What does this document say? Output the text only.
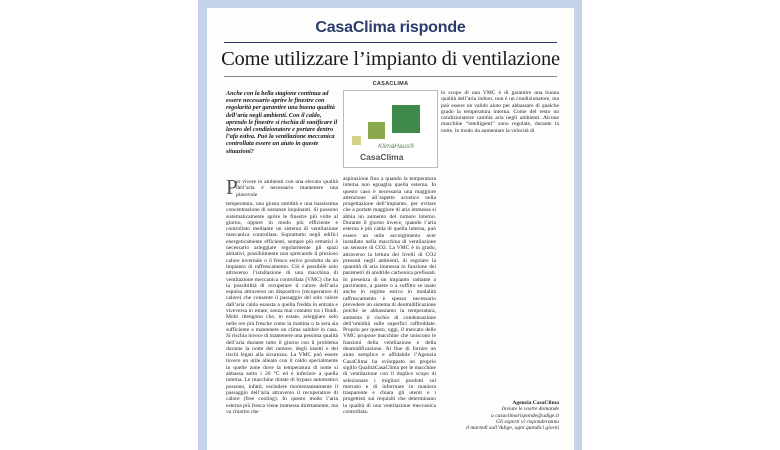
CasaClima risponde
Come utilizzare l’impianto di ventilazione
CASACLIMA

Anche con la bella stagione continua ad essere necessario aprire le finestre con regolarità per garantire una buona qualità dell’aria negli ambienti. Con il caldo, aprendo le finestre si rischia di vanificare il lavoro del condizionatore e portare dentro l’afa estiva. Può la ventilazione meccanica controllata essere un aiuto in queste situazioni?

KlimaHaus®
CasaClima
P

er vivere in ambienti con una elevata qualità dell’aria è necessario mantenere una piacevole

temperatura, una giusta umidità e una bassissima concentrazione di sostanze inquinanti. Si possono sistematicamente aprire le finestre più volte al giorno, oppure in modo più efficiente e controllato mediante un sistema di ventilazione meccanica controllata. Soprattutto negli edifici energeticamente efficienti, sempre più ermetici è necessario arieggiare regolarmente gli spazi abitativi, possibilmente non sprecando il prezioso calore invernale o il fresco estivo prodotto da un impianto di raffrescamento. Ciò è possibile solo attraverso l’istallazione di una macchina di ventilazione meccanica controllata (VMC) che ha la possibilità di recuperare il calore dell’aria espulsa attraverso un dispositivo (recuperatore di calore) che consente il passaggio del solo calore dall’aria calda esausta a quella fredda in entrata e viceversa in estate, senza mai contatto tra i fluidi. Molti ritengono che, in estate, arieggiare solo nelle ore più fresche come la mattina o la sera sia sufficiente a mantenere un clima salubre in casa. Si rischia invece di mantenere una pessima qualità dell’aria durante tutto il giorno con il problema durante la notte del rumore, degli insetti e dei rischi legati alla sicurezza. La VMC può essere invece un utile alleato con il caldo specialmente in quelle zone dove la temperatura di notte si abbassa sotto i 20 °C ed è inferiore a quella interna. Le macchine dotate di bypass automatico possono, infatti, escludere momentaneamente il passaggio dell’aria attraverso il recuperatore di calore (free cooling). In questo modo l’aria esterna più fresca viene immessa direttamente, ma va chiarito che

aspirazione fino a quando la temperatura interna non eguaglia quella esterna. In questo caso è necessaria una maggiore attenzione all’aspetto acustico nella progettazione dell’impianto, per evitare che a portate maggiore di aria immessa si abbia un aumento del rumore interno. Durante il giorno invece, quando l’aria esterna è più calda di quella interna, può essere un utile accorgimento aver installato nella macchina di ventilazione un sensore di CO2. La VMC è in grado, attraverso la lettura dei livelli di CO2 presenti negli ambienti, di regolare la quantità di aria immessa in funzione dei parametri di anidride carbonica prefissati. In presenza di un impianto radiante a pavimento, a parete o a soffitto se usato anche in regime estivo in modalità raffrescamento è spesso necessario prevedere un sistema di deumidificazione poiché se abbassiamo la temperatura, aumenta il rischio di condensazione dell’umidità sulle superfici raffreddate. Proprio per questo, oggi, il mercato delle VMC propone macchine che uniscono le funzioni della ventilazione e della deumidificazione. Al fine di fornire un aiuto semplice e affidabile l’Agenzia CasaClima ha sviluppato un proprio sigillo QualitàCasaClima per le macchine di ventilazione con il duplice scopo di selezionare i migliori prodotti sul mercato e di informare in maniera trasparente e chiara gli utenti e i progettisti sui requisiti che determinano la qualità di una ventilazione meccanica controllata.

lo scopo di una VMC è di garantire una buona qualità dell’aria indoor, non è un condizionatore, ma può essere un valido aiuto per abbassare di qualche grado la temperatura interna. Come del resto un condizionatore cambia aria negli ambienti. Alcune macchine “intelligenti” sono regolate, durante la notte, in modo da aumentare la velocità di

Agenzia CasaClima

Inviate le vostre domande

a casaclimarisponde@adige.it

Gli esperti vi risponderanno

il martedì sull’Adige, ogni quindici giorni
